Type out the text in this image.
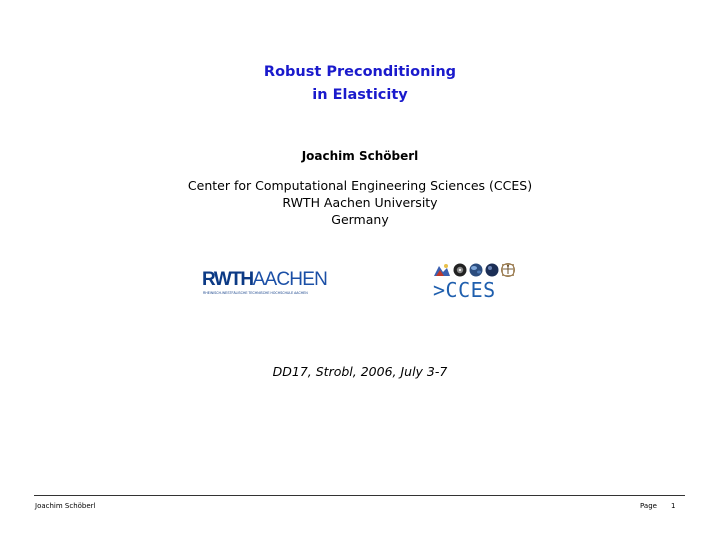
Robust Preconditioning
in Elasticity
Joachim Schöberl
Center for Computational Engineering Sciences (CCES)
RWTH Aachen University
Germany
RWTHAACHEN
RHEINISCH-WESTFÄLISCHE TECHNISCHE HOCHSCHULE AACHEN	>CCES
DD17, Strobl, 2006, July 3-7
Joachim Schöberl	Page 1
